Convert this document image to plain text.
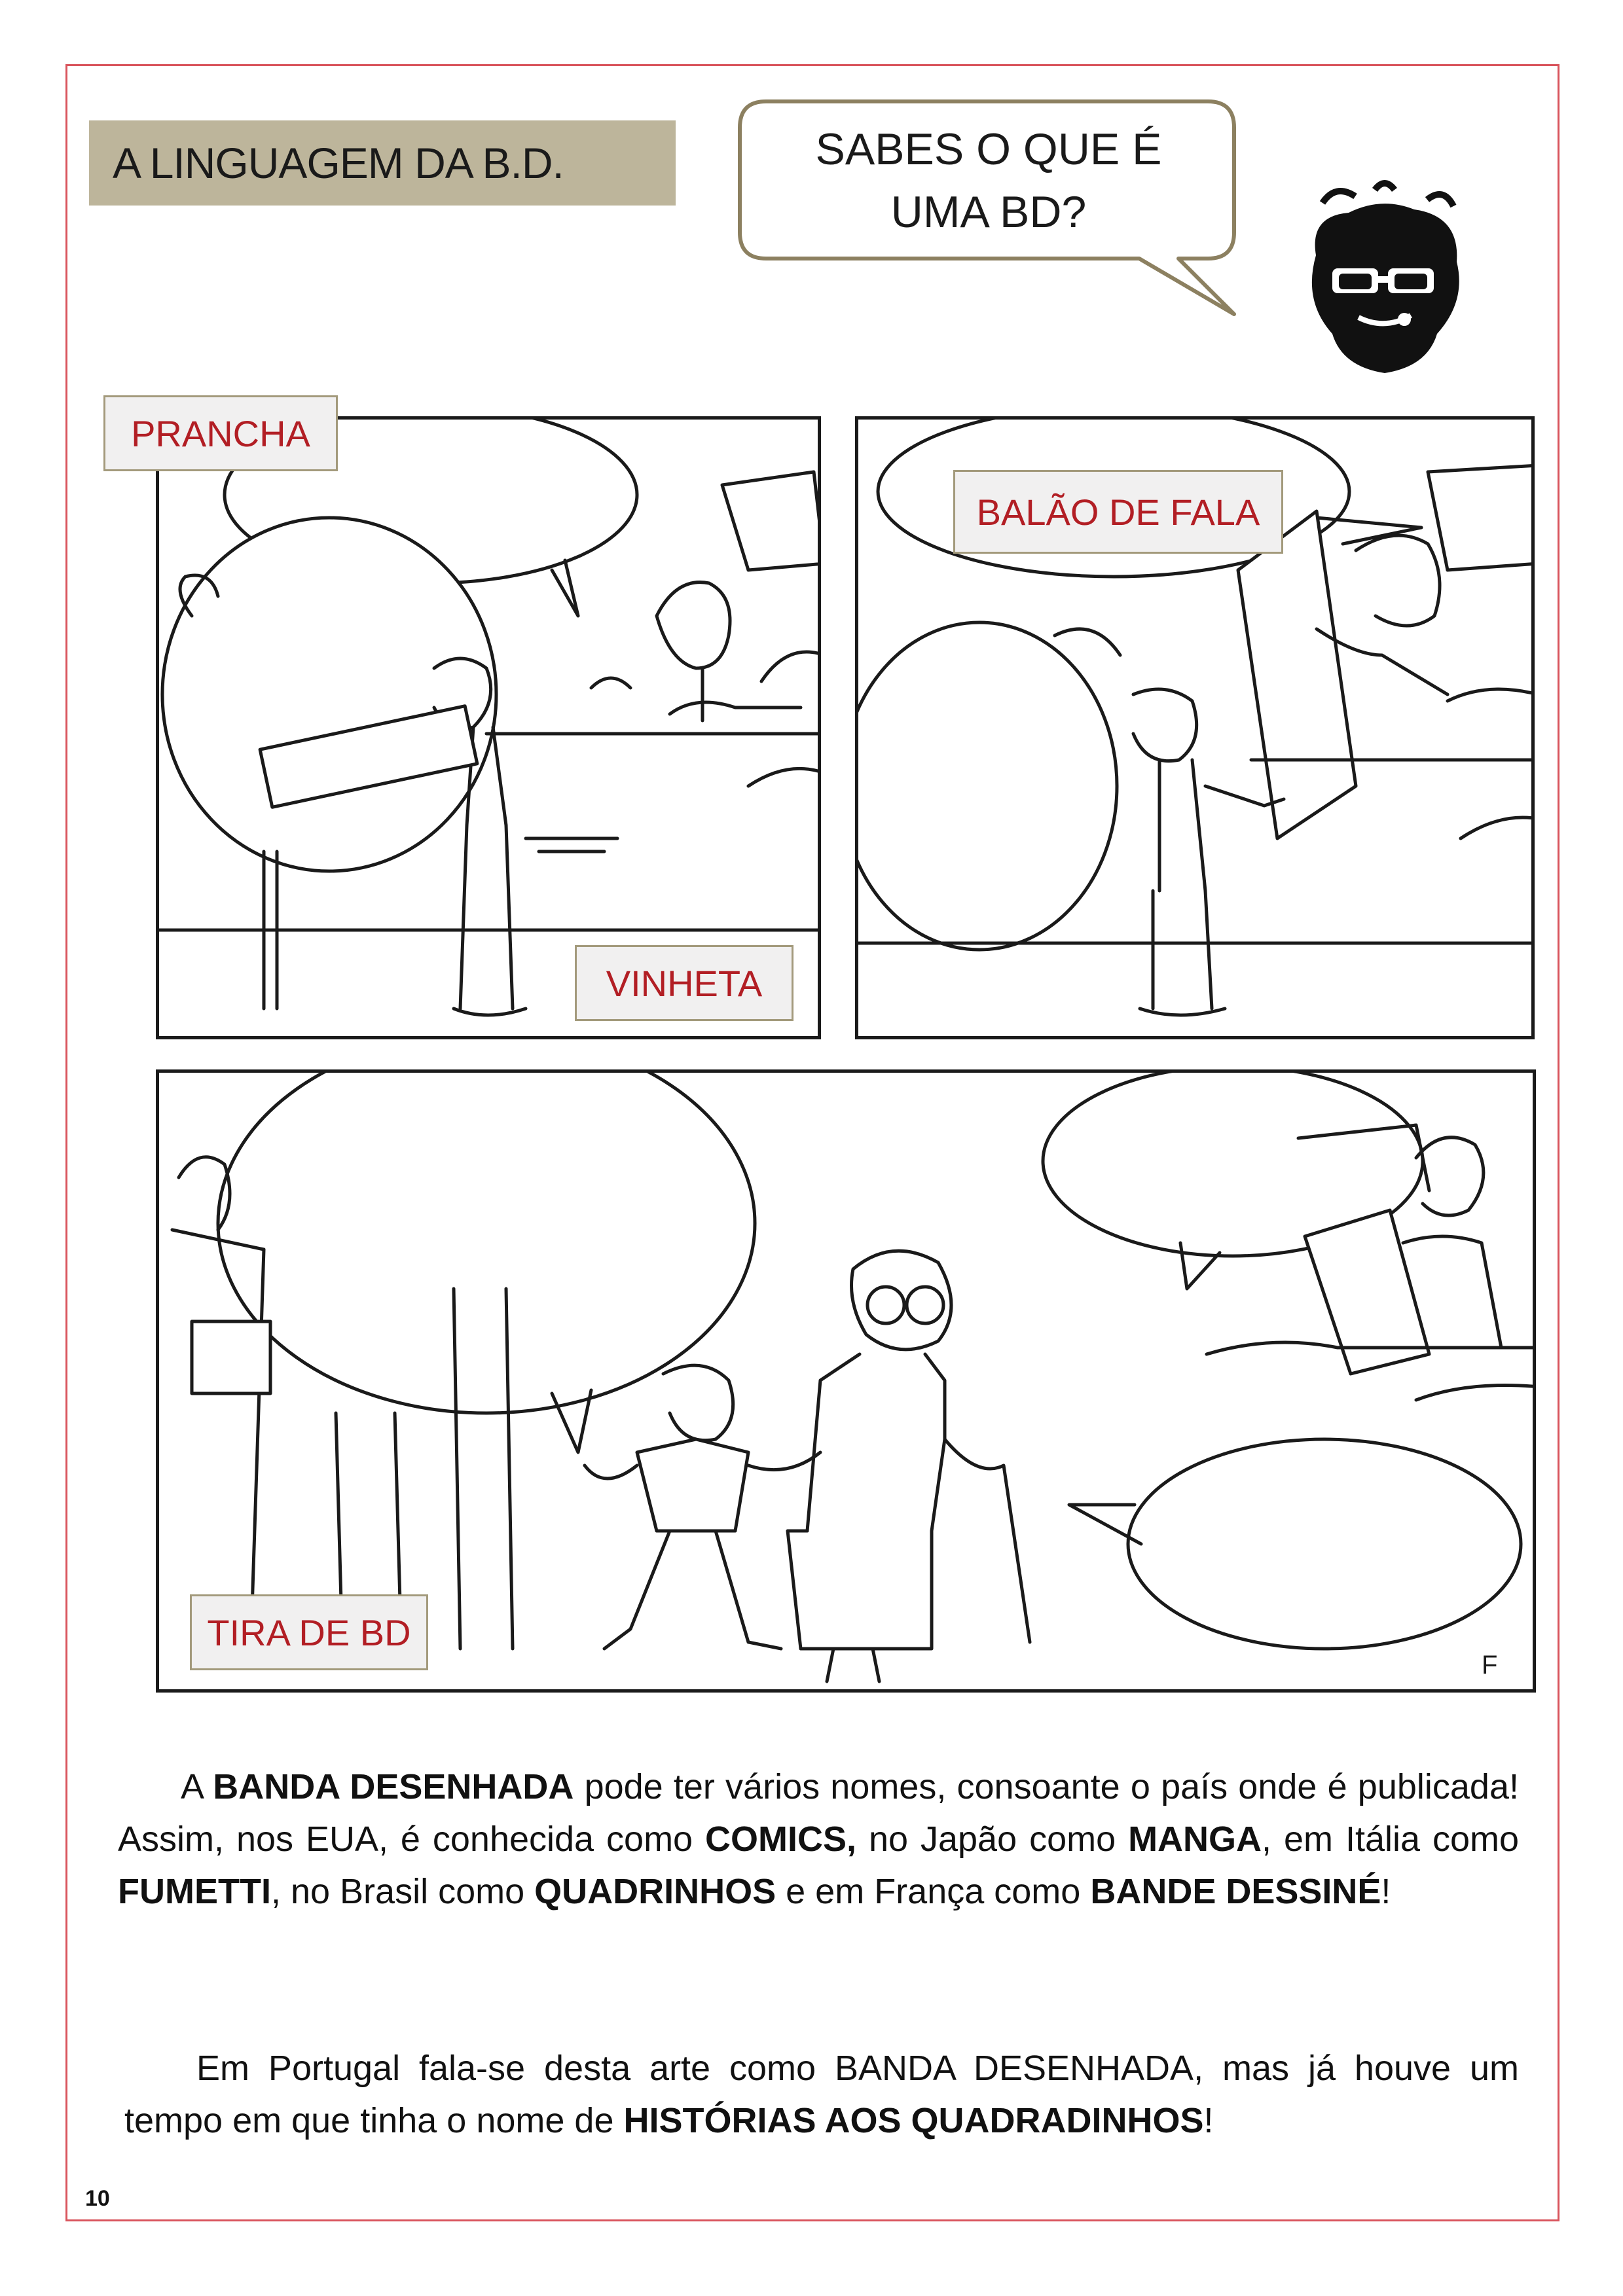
A LINGUAGEM DA B.D.	SABES O QUE É
UMA BD?
F
PRANCHA
BALÃO DE FALA
VINHETA
TIRA DE BD
A BANDA DESENHADA pode ter vários nomes, consoante o país onde é publicada! Assim, nos EUA, é conhecida como COMICS, no Japão como MANGA, em Itália como FUMETTI, no Brasil como QUADRINHOS e em França como BANDE DESSINÉ!
Em Portugal fala-se desta arte como BANDA DESENHADA, mas já houve um tempo em que tinha o nome de HISTÓRIAS AOS QUADRADINHOS!
10
